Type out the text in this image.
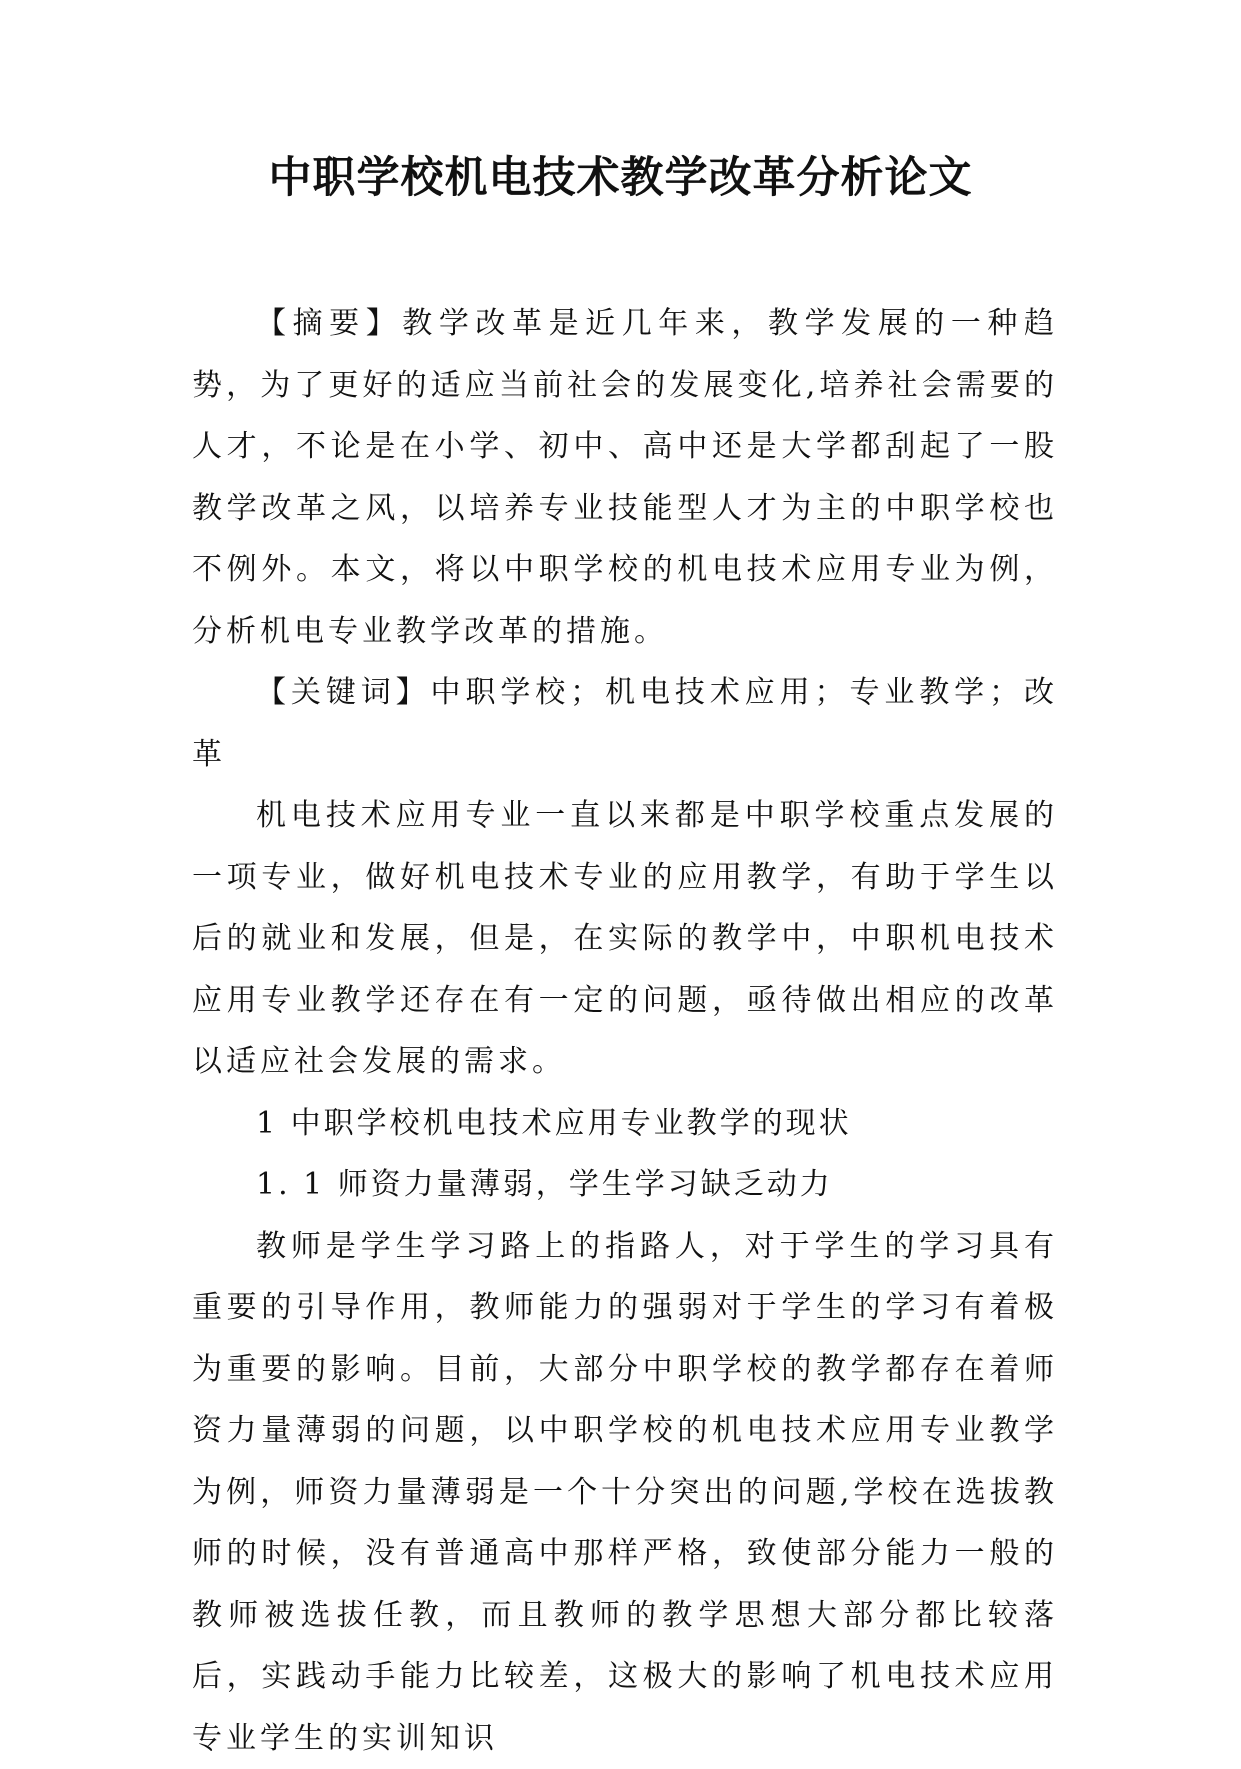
中职学校机电技术教学改革分析论文

【摘要】教学改革是近几年来，教学发展的一种趋势，为了更好的适应当前社会的发展变化,培养社会需要的人才，不论是在小学、初中、高中还是大学都刮起了一股教学改革之风，以培养专业技能型人才为主的中职学校也不例外。本文，将以中职学校的机电技术应用专业为例，分析机电专业教学改革的措施。

【关键词】中职学校；机电技术应用；专业教学；改革

机电技术应用专业一直以来都是中职学校重点发展的一项专业，做好机电技术专业的应用教学，有助于学生以后的就业和发展，但是，在实际的教学中，中职机电技术应用专业教学还存在有一定的问题，亟待做出相应的改革以适应社会发展的需求。

1 中职学校机电技术应用专业教学的现状

1. 1 师资力量薄弱，学生学习缺乏动力

教师是学生学习路上的指路人，对于学生的学习具有重要的引导作用，教师能力的强弱对于学生的学习有着极为重要的影响。目前，大部分中职学校的教学都存在着师资力量薄弱的问题，以中职学校的机电技术应用专业教学为例，师资力量薄弱是一个十分突出的问题,学校在选拔教师的时候，没有普通高中那样严格，致使部分能力一般的教师被选拔任教，而且教师的教学思想大部分都比较落后，实践动手能力比较差，这极大的影响了机电技术应用专业学生的实训知识
